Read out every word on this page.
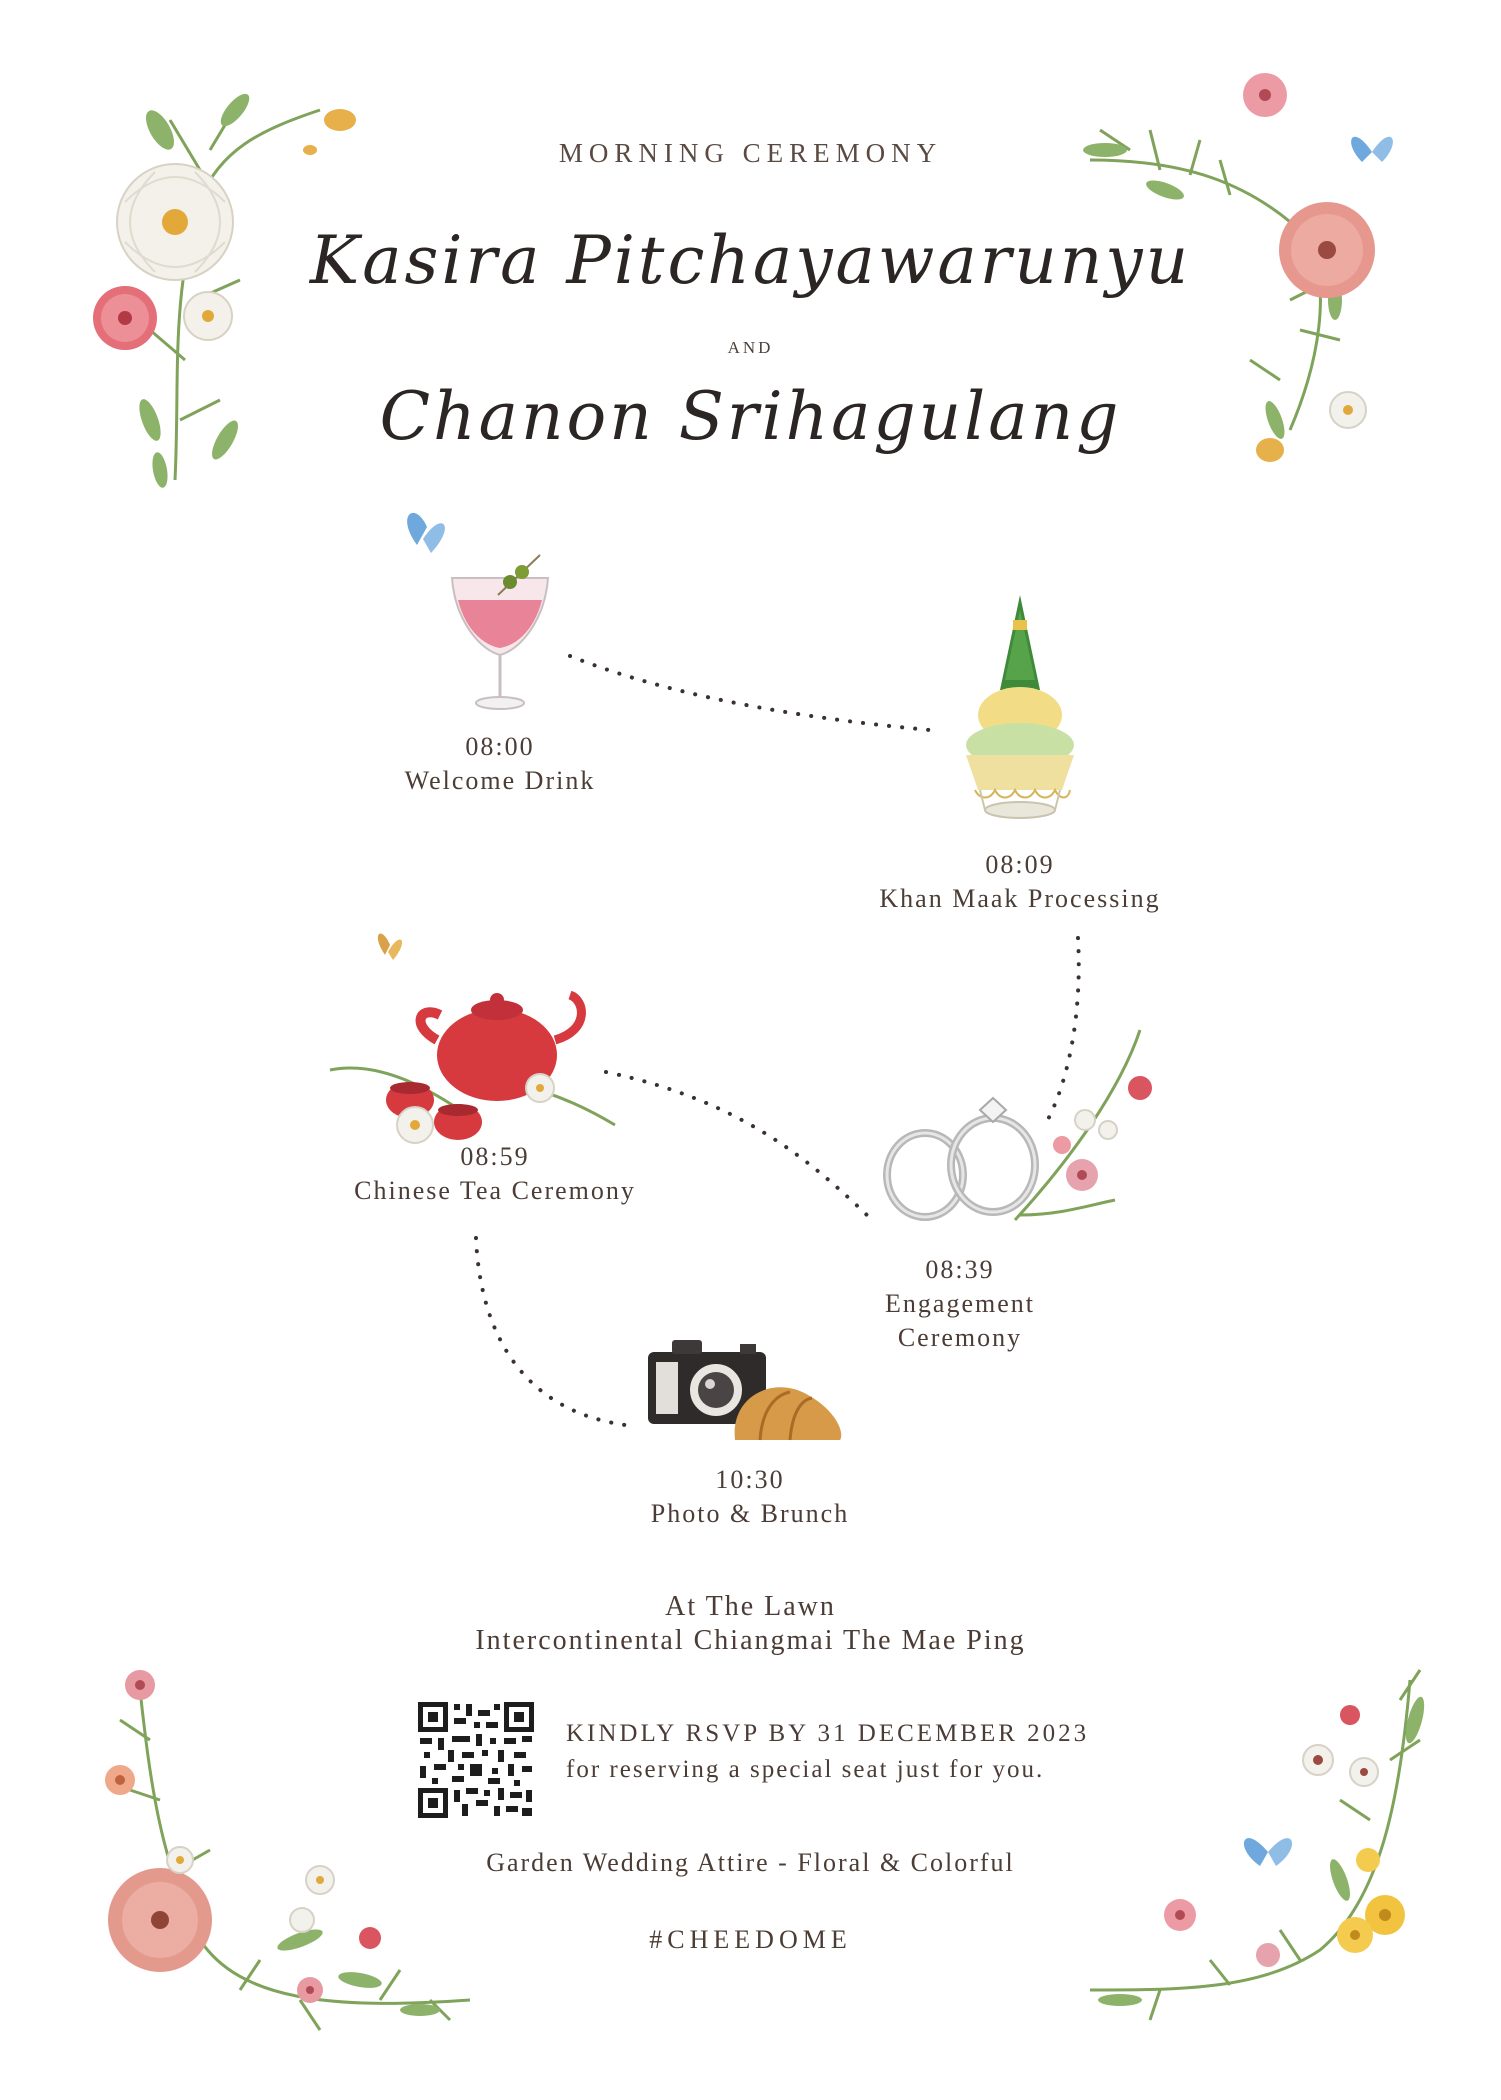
MORNING CEREMONY
Kasira Pitchayawarunyu
AND
Chanon Srihagulang
08:00
Welcome Drink
08:09
Khan Maak Processing
08:39
Engagement
Ceremony
08:59
Chinese Tea Ceremony
10:30
Photo & Brunch
At The Lawn
Intercontinental Chiangmai The Mae Ping
KINDLY RSVP BY 31 DECEMBER 2023
for reserving a special seat just for you.
Garden Wedding Attire - Floral & Colorful
#CHEEDOME
